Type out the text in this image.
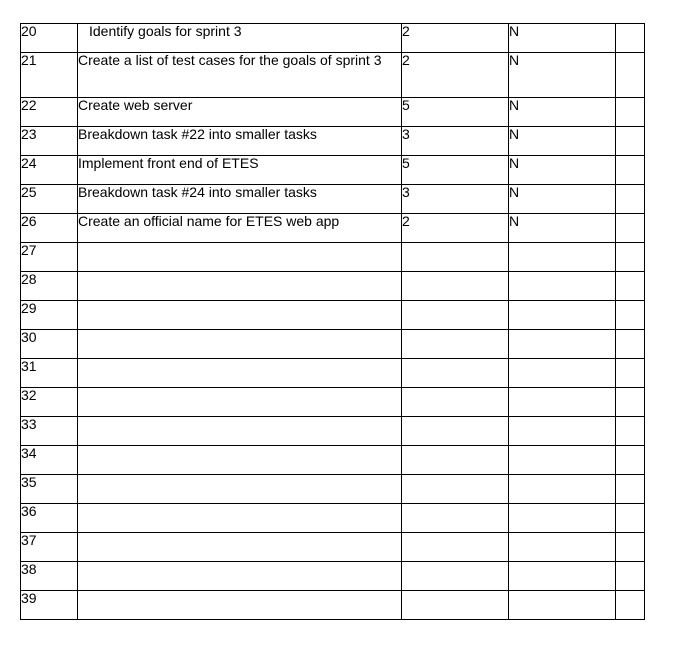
20	Identify goals for sprint 3	2	N	
21	Create a list of test cases for the goals of sprint 3	2	N	
22	Create web server	5	N	
23	Breakdown task #22 into smaller tasks	3	N	
24	Implement front end of ETES	5	N	
25	Breakdown task #24 into smaller tasks	3	N	
26	Create an official name for ETES web app	2	N	
27				
28				
29				
30				
31				
32				
33				
34				
35				
36				
37				
38				
39				
